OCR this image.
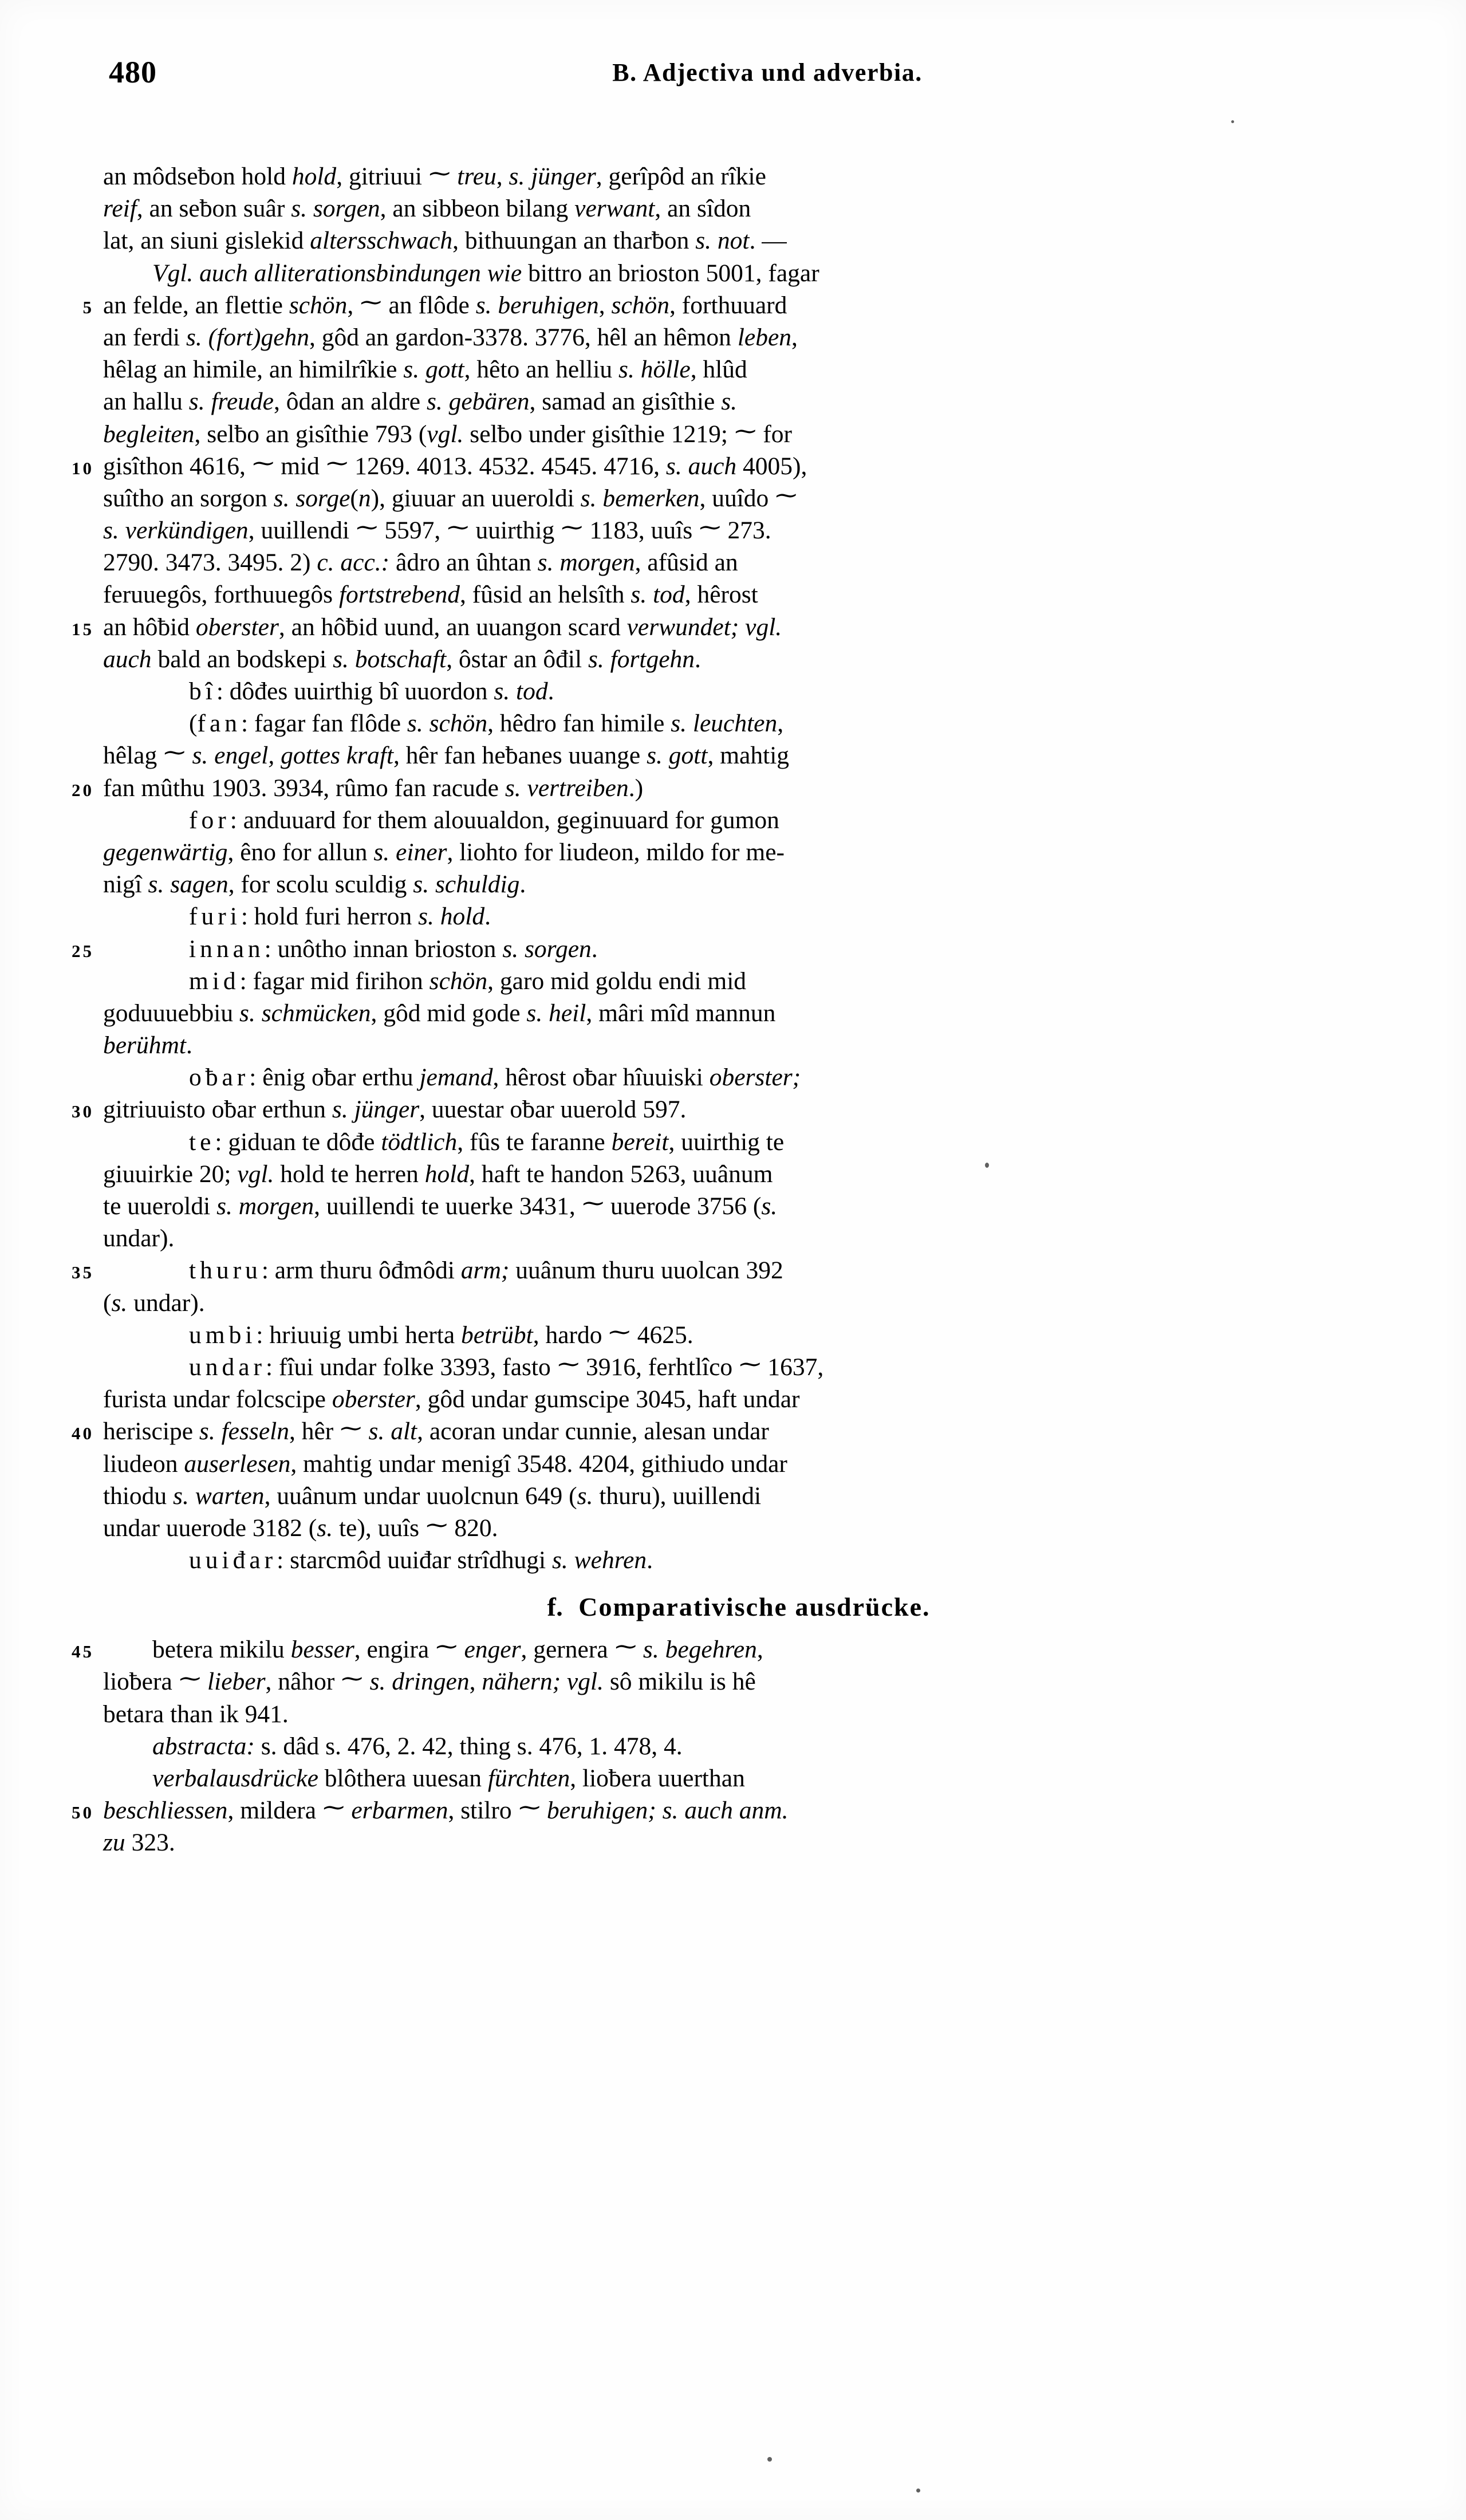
480	B. Adjectiva und adverbia.
an môdseƀon hold hold, gitriuui ∼ treu, s. jünger, gerîpôd an rîkie
reif, an seƀon suâr s. sorgen, an sibbeon bilang verwant, an sîdon
lat, an siuni gislekid altersschwach, bithuungan an tharƀon s. not. —
Vgl. auch alliterationsbindungen wie bittro an brioston 5001, fagar
5 an felde, an flettie schön, ∼ an flôde s. beruhigen, schön, forthuuard
an ferdi s. (fort)gehn, gôd an gardon-3378. 3776, hêl an hêmon leben,
hêlag an himile, an himilrîkie s. gott, hêto an helliu s. hölle, hlûd
an hallu s. freude, ôdan an aldre s. gebären, samad an gisîthie s.
begleiten, selƀo an gisîthie 793 (vgl. selƀo under gisîthie 1219; ∼ for
10 gisîthon 4616, ∼ mid ∼ 1269. 4013. 4532. 4545. 4716, s. auch 4005),
suîtho an sorgon s. sorge(n), giuuar an uueroldi s. bemerken, uuîdo ∼
s. verkündigen, uuillendi ∼ 5597, ∼ uuirthig ∼ 1183, uuîs ∼ 273.
2790. 3473. 3495. 2) c. acc.: âdro an ûhtan s. morgen, afûsid an
feruuegôs, forthuuegôs fortstrebend, fûsid an helsîth s. tod, hêrost
15 an hôƀid oberster, an hôƀid uund, an uuangon scard verwundet; vgl.
auch bald an bodskepi s. botschaft, ôstar an ôđil s. fortgehn.
bî: dôđes uuirthig bî uuordon s. tod.
(fan: fagar fan flôde s. schön, hêdro fan himile s. leuchten,
hêlag ∼ s. engel, gottes kraft, hêr fan heƀanes uuange s. gott, mahtig
20 fan mûthu 1903. 3934, rûmo fan racude s. vertreiben.)
for: anduuard for them alouualdon, geginuuard for gumon
gegenwärtig, êno for allun s. einer, liohto for liudeon, mildo for me-
nigî s. sagen, for scolu sculdig s. schuldig.
furi: hold furi herron s. hold.
25	innan: unôtho innan brioston s. sorgen.
mid: fagar mid firihon schön, garo mid goldu endi mid
goduuuebbiu s. schmücken, gôd mid gode s. heil, mâri mîd mannun
berühmt.
oƀar: ênig oƀar erthu jemand, hêrost oƀar hîuuiski oberster;
30 gitriuuisto oƀar erthun s. jünger, uuestar oƀar uuerold 597.
te: giduan te dôđe tödtlich, fûs te faranne bereit, uuirthig te
giuuirkie 20; vgl. hold te herren hold, haft te handon 5263, uuânum
te uueroldi s. morgen, uuillendi te uuerke 3431, ∼ uuerode 3756 (s.
undar).
35	thuru: arm thuru ôđmôdi arm; uuânum thuru uuolcan 392
(s. undar).
umbi: hriuuig umbi herta betrübt, hardo ∼ 4625.
undar: fîui undar folke 3393, fasto ∼ 3916, ferhtlîco ∼ 1637,
furista undar folcscipe oberster, gôd undar gumscipe 3045, haft undar
40 heriscipe s. fesseln, hêr ∼ s. alt, acoran undar cunnie, alesan undar
liudeon auserlesen, mahtig undar menigî 3548. 4204, githiudo undar
thiodu s. warten, uuânum undar uuolcnun 649 (s. thuru), uuillendi
undar uuerode 3182 (s. te), uuîs ∼ 820.
uuiđar: starcmôd uuiđar strîdhugi s. wehren.
f.  Comparativische ausdrücke.
45 betera mikilu besser, engira ∼ enger, gernera ∼ s. begehren,
lioƀera ∼ lieber, nâhor ∼ s. dringen, nähern; vgl. sô mikilu is hê
betara than ik 941.
abstracta: s. dâd s. 476, 2. 42, thing s. 476, 1. 478, 4.
verbalausdrücke blôthera uuesan fürchten, lioƀera uuerthan
50 beschliessen, mildera ∼ erbarmen, stilro ∼ beruhigen; s. auch anm.
zu 323.
